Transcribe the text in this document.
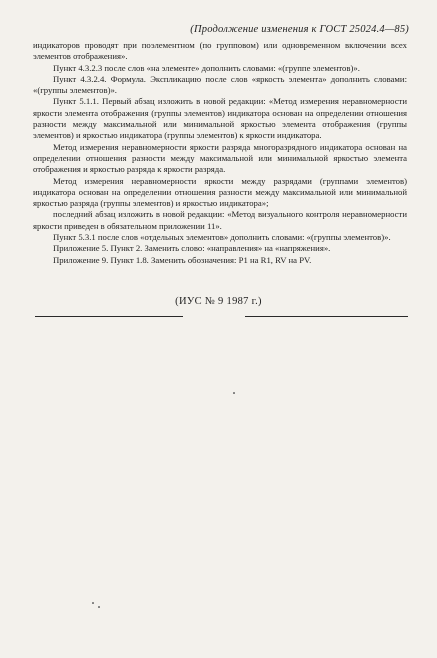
(Продолжение изменения к ГОСТ 25024.4—85)

индикаторов проводят при поэлементном (по групповом) или одновременном включении всех элементов отображения».

Пункт 4.3.2.3 после слов «на элементе» дополнить словами: «(группе элементов)».

Пункт 4.3.2.4. Формула. Экспликацию после слов «яркость элемента» дополнить словами: «(группы элементов)».

Пункт 5.1.1. Первый абзац изложить в новой редакции: «Метод измерения неравномерности яркости элемента отображения (группы элементов) индикатора основан на определении отношения разности между максимальной или минимальной яркостью элемента отображения (группы элементов) и яркостью индикатора (группы элементов) к яркости индикатора.

Метод измерения неравномерности яркости разряда многоразрядного индикатора основан на определении отношения разности между максимальной или минимальной яркостью элемента отображения и яркостью разряда к яркости разряда.

Метод измерения неравномерности яркости между разрядами (группами элементов) индикатора основан на определении отношения разности между максимальной или минимальной яркостью разряда (группы элементов) и яркостью индикатора»;

последний абзац изложить в новой редакции: «Метод визуального контроля неравномерности яркости приведен в обязательном приложении 11».

Пункт 5.3.1 после слов «отдельных элементов» дополнить словами: «(группы элементов)».

Приложение 5. Пункт 2. Заменить слово: «направления» на «напряжения».

Приложение 9. Пункт 1.8. Заменить обозначения: P1 на R1, RV на PV.

(ИУС № 9 1987 г.)
